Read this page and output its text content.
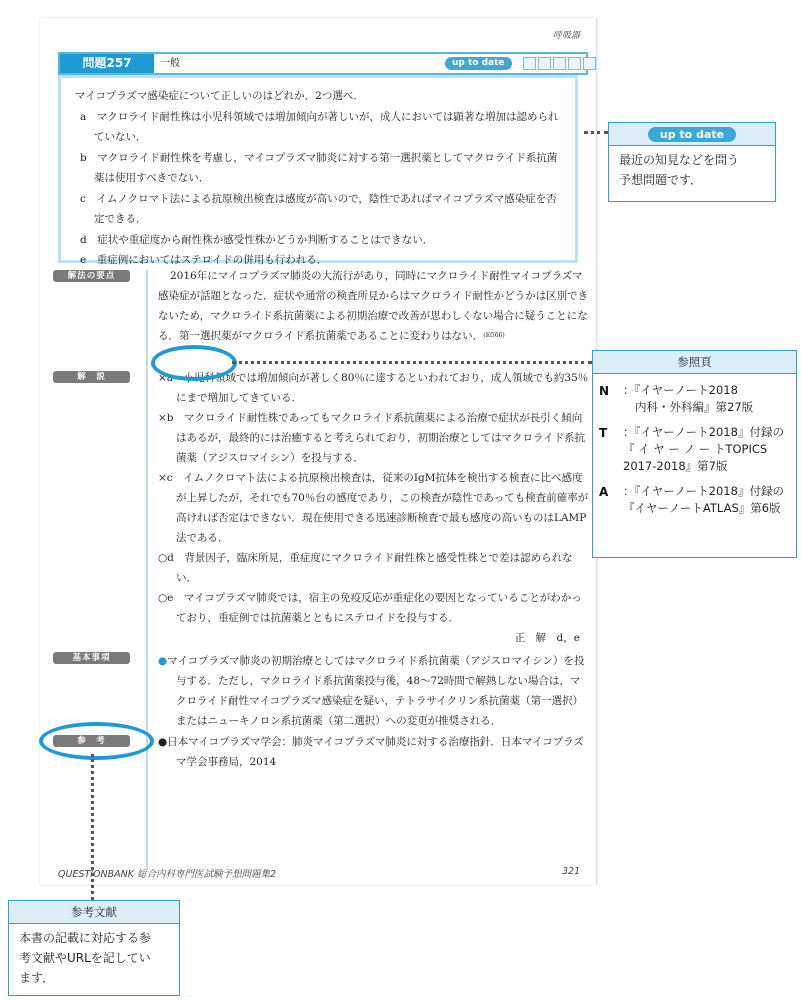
呼吸器
問題257	一般	up to date

マイコプラズマ感染症について正しいのはどれか．2つ選べ．

a　マクロライド耐性株は小児科領域では増加傾向が著しいが，成人においては顕著な増加は認められていない．

b　マクロライド耐性株を考慮し，マイコプラズマ肺炎に対する第一選択薬としてマクロライド系抗菌薬は使用すべきでない．

c　イムノクロマト法による抗原検出検査は感度が高いので，陰性であればマイコプラズマ感染症を否定できる．

d　症状や重症度から耐性株か感受性株かどうか判断することはできない．

e　重症例においてはステロイドの併用も行われる．

解法の要点	2016年にマイコプラズマ肺炎の大流行があり，同時にマクロライド耐性マイコプラズマ感染症が話題となった．症状や通常の検査所見からはマクロライド耐性かどうかは区別できないため，マクロライド系抗菌薬による初期治療で改善が思わしくない場合に疑うことになる．第一選択薬がマクロライド系抗菌薬であることに変わりはない．(☒566)

解　説	×a　小児科領域では増加傾向が著しく80％に達するといわれており，成人領域でも約35％にまで増加してきている．

×b　マクロライド耐性株であってもマクロライド系抗菌薬による治療で症状が長引く傾向はあるが，最終的には治癒すると考えられており，初期治療としてはマクロライド系抗菌薬（アジスロマイシン）を投与する．

×c　イムノクロマト法による抗原検出検査は，従来のIgM抗体を検出する検査に比べ感度が上昇したが，それでも70％台の感度であり，この検査が陰性であっても検査前確率が高ければ否定はできない．現在使用できる迅速診断検査で最も感度の高いものはLAMP法である．

○d　背景因子，臨床所見，重症度にマクロライド耐性株と感受性株とで差は認められない．

○e　マイコプラズマ肺炎では，宿主の免疫反応が重症化の要因となっていることがわかっており，重症例では抗菌薬とともにステロイドを投与する．

正　解　d，e

基本事項	●マイコプラズマ肺炎の初期治療としてはマクロライド系抗菌薬（アジスロマイシン）を投与する．ただし，マクロライド系抗菌薬投与後，48～72時間で解熱しない場合は，マクロライド耐性マイコプラズマ感染症を疑い，テトラサイクリン系抗菌薬（第一選択）またはニューキノロン系抗菌薬（第二選択）への変更が推奨される．

参　考	●日本マイコプラズマ学会：肺炎マイコプラズマ肺炎に対する治療指針．日本マイコプラズマ学会事務局，2014

QUESTIONBANK 総合内科専門医試験予想問題集2	321
up to date
最近の知見などを問う
予想問題です．
参照頁
N ：『イヤーノート2018
内科・外科編』第27版
T ：『イヤーノート2018』付録の
『 イ ヤ ー ノ ー トTOPICS
2017-2018』第7版
A ：『イヤーノート2018』付録の
『イヤーノートATLAS』第6版
参考文献
本書の記載に対応する参
考文献やURLを記してい
ます．
